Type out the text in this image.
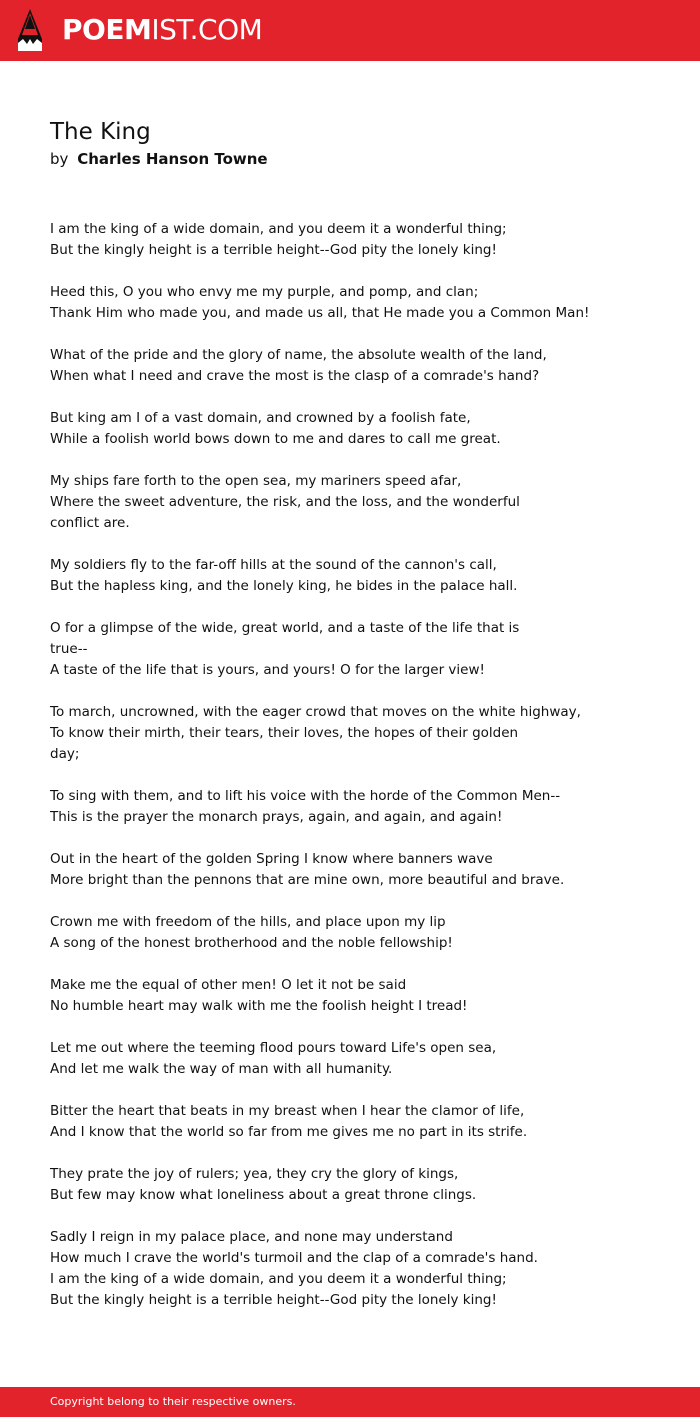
POEMIST.COM
The King
by Charles Hanson Towne

I am the king of a wide domain, and you deem it a wonderful thing;
But the kingly height is a terrible height--God pity the lonely king!

Heed this, O you who envy me my purple, and pomp, and clan;
Thank Him who made you, and made us all, that He made you a Common Man!

What of the pride and the glory of name, the absolute wealth of the land,
When what I need and crave the most is the clasp of a comrade's hand?

But king am I of a vast domain, and crowned by a foolish fate,
While a foolish world bows down to me and dares to call me great.

My ships fare forth to the open sea, my mariners speed afar,
Where the sweet adventure, the risk, and the loss, and the wonderful
conflict are.

My soldiers fly to the far-off hills at the sound of the cannon's call,
But the hapless king, and the lonely king, he bides in the palace hall.

O for a glimpse of the wide, great world, and a taste of the life that is
true--
A taste of the life that is yours, and yours! O for the larger view!

To march, uncrowned, with the eager crowd that moves on the white highway,
To know their mirth, their tears, their loves, the hopes of their golden
day;

To sing with them, and to lift his voice with the horde of the Common Men--
This is the prayer the monarch prays, again, and again, and again!

Out in the heart of the golden Spring I know where banners wave
More bright than the pennons that are mine own, more beautiful and brave.

Crown me with freedom of the hills, and place upon my lip
A song of the honest brotherhood and the noble fellowship!

Make me the equal of other men! O let it not be said
No humble heart may walk with me the foolish height I tread!

Let me out where the teeming flood pours toward Life's open sea,
And let me walk the way of man with all humanity.

Bitter the heart that beats in my breast when I hear the clamor of life,
And I know that the world so far from me gives me no part in its strife.

They prate the joy of rulers; yea, they cry the glory of kings,
But few may know what loneliness about a great throne clings.

Sadly I reign in my palace place, and none may understand
How much I crave the world's turmoil and the clap of a comrade's hand.
I am the king of a wide domain, and you deem it a wonderful thing;
But the kingly height is a terrible height--God pity the lonely king!

Copyright belong to their respective owners.
